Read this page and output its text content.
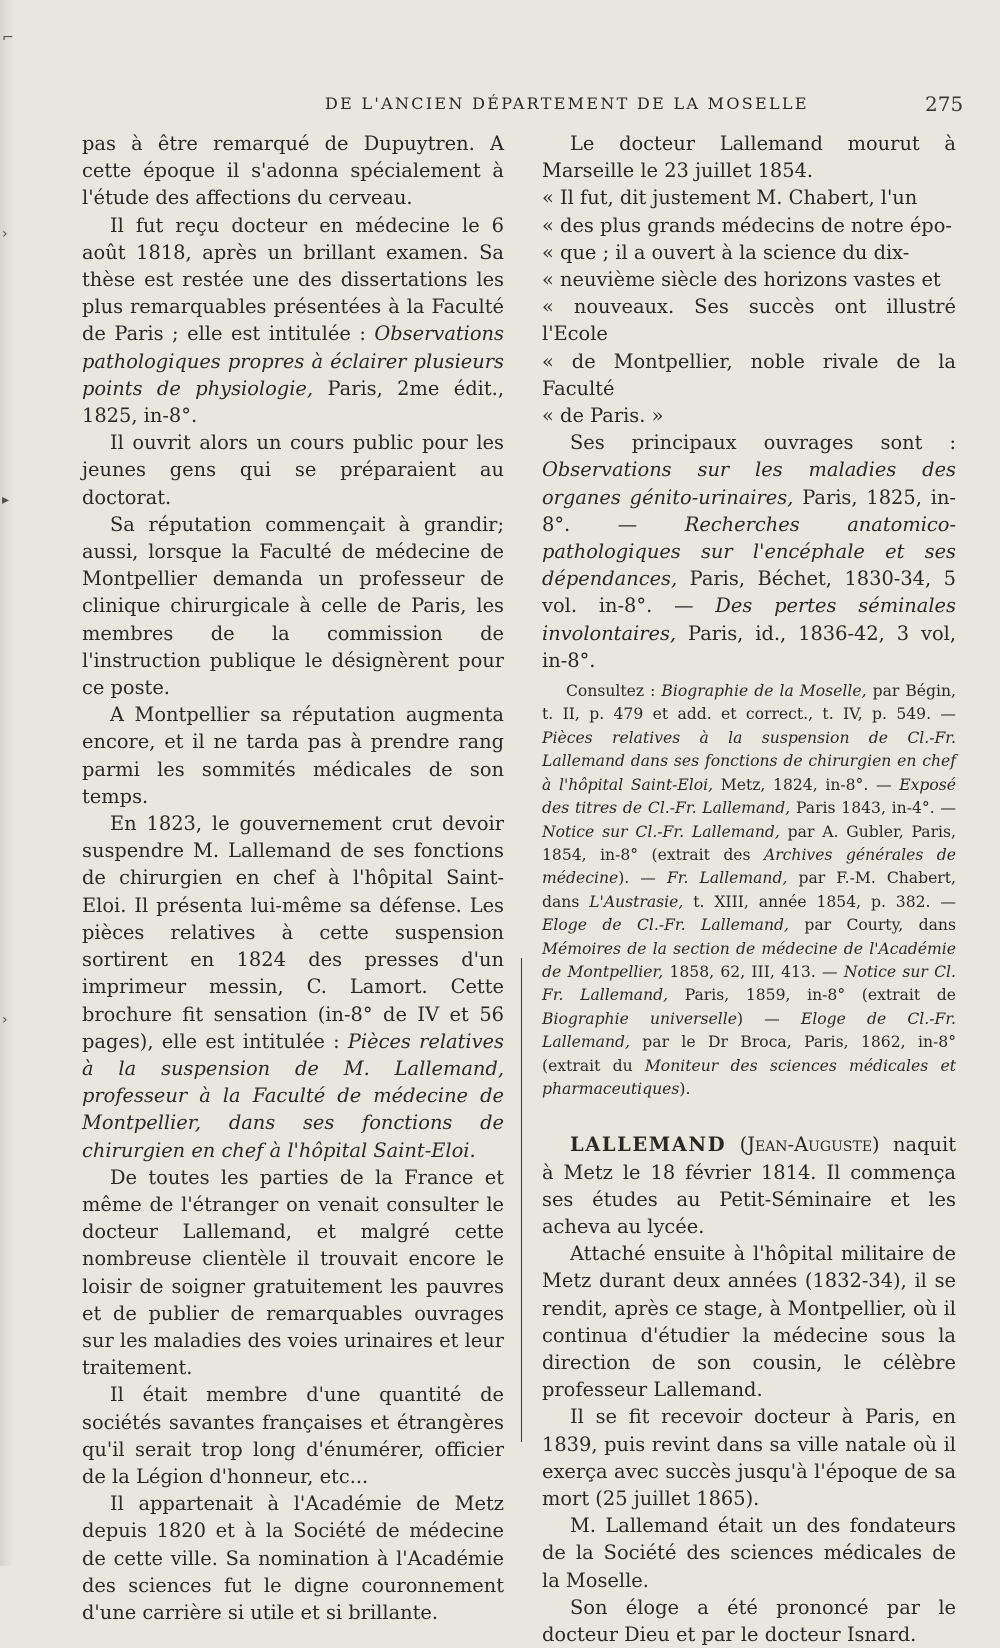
⌐
›
▸
›
DE L'ANCIEN DÉPARTEMENT DE LA MOSELLE	275

pas à être remarqué de Dupuytren. A cette époque il s'adonna spécialement à l'étude des affections du cerveau.

Il fut reçu docteur en médecine le 6 août 1818, après un brillant examen. Sa thèse est restée une des dissertations les plus remarquables présentées à la Faculté de Paris ; elle est intitulée : Observations pathologiques propres à éclairer plusieurs points de physiologie, Paris, 2me édit., 1825, in-8°.

Il ouvrit alors un cours public pour les jeunes gens qui se préparaient au doctorat.

Sa réputation commençait à grandir; aussi, lorsque la Faculté de médecine de Montpellier demanda un professeur de clinique chirurgicale à celle de Paris, les membres de la commission de l'instruction publique le désignèrent pour ce poste.

A Montpellier sa réputation augmenta encore, et il ne tarda pas à prendre rang parmi les sommités médicales de son temps.

En 1823, le gouvernement crut devoir suspendre M. Lallemand de ses fonctions de chirurgien en chef à l'hôpital Saint-Eloi. Il présenta lui-même sa défense. Les pièces relatives à cette suspension sortirent en 1824 des presses d'un imprimeur messin, C. Lamort. Cette brochure fit sensation (in-8° de IV et 56 pages), elle est intitulée : Pièces relatives à la suspension de M. Lallemand, professeur à la Faculté de médecine de Montpellier, dans ses fonctions de chirurgien en chef à l'hôpital Saint-Eloi.

De toutes les parties de la France et même de l'étranger on venait consulter le docteur Lallemand, et malgré cette nombreuse clientèle il trouvait encore le loisir de soigner gratuitement les pauvres et de publier de remarquables ouvrages sur les maladies des voies urinaires et leur traitement.

Il était membre d'une quantité de sociétés savantes françaises et étrangères qu'il serait trop long d'énumérer, officier de la Légion d'honneur, etc...

Il appartenait à l'Académie de Metz depuis 1820 et à la Société de médecine de cette ville. Sa nomination à l'Académie des sciences fut le digne couronnement d'une carrière si utile et si brillante.

Le docteur Lallemand mourut à Marseille le 23 juillet 1854.

« Il fut, dit justement M. Chabert, l'un

« des plus grands médecins de notre épo-

« que ; il a ouvert à la science du dix-

« neuvième siècle des horizons vastes et

« nouveaux. Ses succès ont illustré l'Ecole

« de Montpellier, noble rivale de la Faculté

« de Paris. »

Ses principaux ouvrages sont : Observations sur les maladies des organes génito-urinaires, Paris, 1825, in-8°. — Recherches anatomico-pathologiques sur l'encéphale et ses dépendances, Paris, Béchet, 1830-34, 5 vol. in-8°. — Des pertes séminales involontaires, Paris, id., 1836-42, 3 vol, in-8°.

Consultez : Biographie de la Moselle, par Bégin, t. II, p. 479 et add. et correct., t. IV, p. 549. — Pièces relatives à la suspension de Cl.-Fr. Lallemand dans ses fonctions de chirurgien en chef à l'hôpital Saint-Eloi, Metz, 1824, in-8°. — Exposé des titres de Cl.-Fr. Lallemand, Paris 1843, in-4°. — Notice sur Cl.-Fr. Lallemand, par A. Gubler, Paris, 1854, in-8° (extrait des Archives générales de médecine). — Fr. Lallemand, par F.-M. Chabert, dans L'Austrasie, t. XIII, année 1854, p. 382. — Eloge de Cl.-Fr. Lallemand, par Courty, dans Mémoires de la section de médecine de l'Académie de Montpellier, 1858, 62, III, 413. — Notice sur Cl. Fr. Lallemand, Paris, 1859, in-8° (extrait de Biographie universelle) — Eloge de Cl.-Fr. Lallemand, par le Dr Broca, Paris, 1862, in-8° (extrait du Moniteur des sciences médicales et pharmaceutiques).

LALLEMAND (Jean-Auguste) naquit à Metz le 18 février 1814. Il commença ses études au Petit-Séminaire et les acheva au lycée.

Attaché ensuite à l'hôpital militaire de Metz durant deux années (1832-34), il se rendit, après ce stage, à Montpellier, où il continua d'étudier la médecine sous la direction de son cousin, le célèbre professeur Lallemand.

Il se fit recevoir docteur à Paris, en 1839, puis revint dans sa ville natale où il exerça avec succès jusqu'à l'époque de sa mort (25 juillet 1865).

M. Lallemand était un des fondateurs de la Société des sciences médicales de la Moselle.

Son éloge a été prononcé par le docteur Dieu et par le docteur Isnard.
